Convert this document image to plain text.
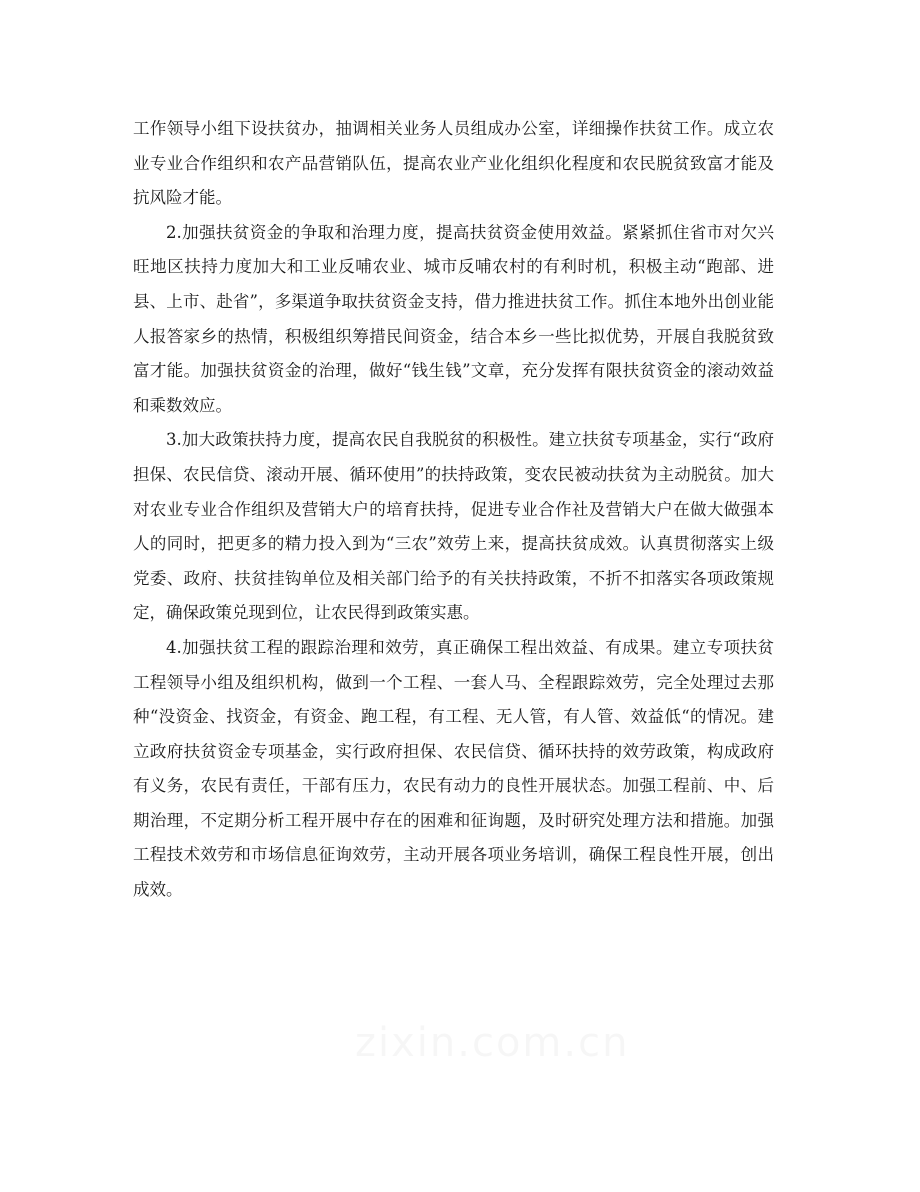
工作领导小组下设扶贫办，抽调相关业务人员组成办公室，详细操作扶贫工作。成立农业专业合作组织和农产品营销队伍，提高农业产业化组织化程度和农民脱贫致富才能及抗风险才能。

2.加强扶贫资金的争取和治理力度，提高扶贫资金使用效益。紧紧抓住省市对欠兴旺地区扶持力度加大和工业反哺农业、城市反哺农村的有利时机，积极主动“跑部、进县、上市、赴省”，多渠道争取扶贫资金支持，借力推进扶贫工作。抓住本地外出创业能人报答家乡的热情，积极组织筹措民间资金，结合本乡一些比拟优势，开展自我脱贫致富才能。加强扶贫资金的治理，做好“钱生钱”文章，充分发挥有限扶贫资金的滚动效益和乘数效应。

3.加大政策扶持力度，提高农民自我脱贫的积极性。建立扶贫专项基金，实行“政府担保、农民信贷、滚动开展、循环使用”的扶持政策，变农民被动扶贫为主动脱贫。加大对农业专业合作组织及营销大户的培育扶持，促进专业合作社及营销大户在做大做强本人的同时，把更多的精力投入到为“三农”效劳上来，提高扶贫成效。认真贯彻落实上级党委、政府、扶贫挂钩单位及相关部门给予的有关扶持政策，不折不扣落实各项政策规定，确保政策兑现到位，让农民得到政策实惠。

4.加强扶贫工程的跟踪治理和效劳，真正确保工程出效益、有成果。建立专项扶贫工程领导小组及组织机构，做到一个工程、一套人马、全程跟踪效劳，完全处理过去那种“没资金、找资金，有资金、跑工程，有工程、无人管，有人管、效益低“的情况。建立政府扶贫资金专项基金，实行政府担保、农民信贷、循环扶持的效劳政策，构成政府有义务，农民有责任，干部有压力，农民有动力的良性开展状态。加强工程前、中、后期治理，不定期分析工程开展中存在的困难和征询题，及时研究处理方法和措施。加强工程技术效劳和市场信息征询效劳，主动开展各项业务培训，确保工程良性开展，创出成效。
